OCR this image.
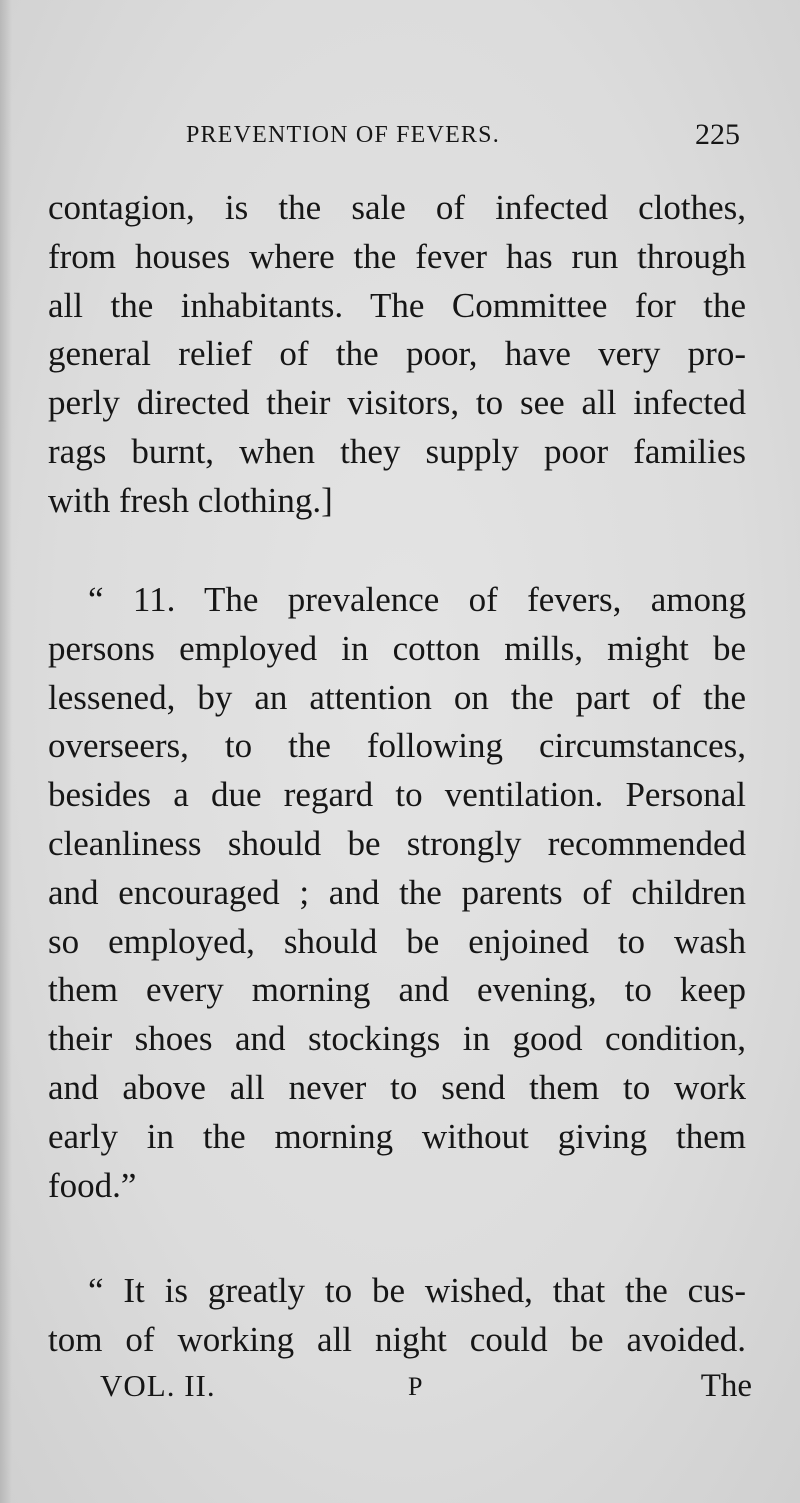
PREVENTION OF FEVERS.	225
contagion, is the sale of infected clothes,
from houses where the fever has run through
all the inhabitants. The Committee for the
general relief of the poor, have very pro-
perly directed their visitors, to see all infected
rags burnt, when they supply poor families
with fresh clothing.]
“ 11. The prevalence of fevers, among
persons employed in cotton mills, might be
lessened, by an attention on the part of the
overseers, to the following circumstances,
besides a due regard to ventilation. Personal
cleanliness should be strongly recommended
and encouraged ; and the parents of children
so employed, should be enjoined to wash
them every morning and evening, to keep
their shoes and stockings in good condition,
and above all never to send them to work
early in the morning without giving them
food.”
“ It is greatly to be wished, that the cus-
tom of working all night could be avoided.
VOL. II.	P	The
